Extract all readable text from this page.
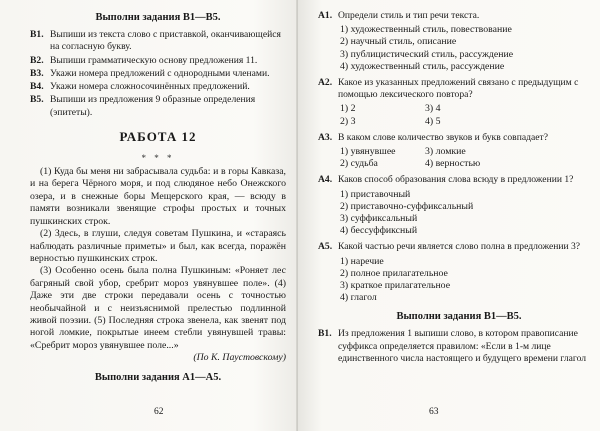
Выполни задания B1—B5.
B1. Выпиши из текста слово с приставкой, оканчивающейся на согласную букву.
B2. Выпиши грамматическую основу предложения 11.
B3. Укажи номера предложений с однородными членами.
B4. Укажи номера сложносочинённых предложений.
B5. Выпиши из предложения 9 образные определения (эпитеты).
РАБОТА 12
* * *

(1) Куда бы меня ни забрасывала судьба: и в горы Кавказа, и на берега Чёрного моря, и под слюдяное небо Онежского озера, и в снежные боры Мещерского края, — всюду в памяти возникали звенящие строфы простых и точных пушкинских строк.

(2) Здесь, в глуши, следуя советам Пушкина, и «стараясь наблюдать различные приметы» и был, как всегда, поражён верностью пушкинских строк.

(3) Особенно осень была полна Пушкиным: «Роняет лес багряный свой убор, сребрит мороз увянувшее поле». (4) Даже эти две строки передавали осень с точностью необычайной и с неизъяснимой прелестью подлинной живой поэзии. (5) Последняя строка звенела, как звенят под ногой ломкие, покрытые инеем стебли увянувшей травы: «Сребрит мороз увянувшее поле...»

(По К. Паустовскому)
Выполни задания A1—A5.
62
A1. Определи стиль и тип речи текста.
1) художественный стиль, повествование
2) научный стиль, описание
3) публицистический стиль, рассуждение
4) художественный стиль, рассуждение
A2. Какое из указанных предложений связано с предыдущим с помощью лексического повтора?
1) 2	3) 4
2) 3	4) 5
A3. В каком слове количество звуков и букв совпадает?
1) увянувшее	3) ломкие
2) судьба	4) верностью
A4. Каков способ образования слова всюду в предложении 1?
1) приставочный
2) приставочно-суффиксальный
3) суффиксальный
4) бессуффиксный
A5. Какой частью речи является слово полна в предложении 3?
1) наречие
2) полное прилагательное
3) краткое прилагательное
4) глагол
Выполни задания B1—B5.
B1. Из предложения 1 выпиши слово, в котором правописание суффикса определяется правилом: «Если в 1-м лице единственного числа настоящего и будущего времени глагол
63
